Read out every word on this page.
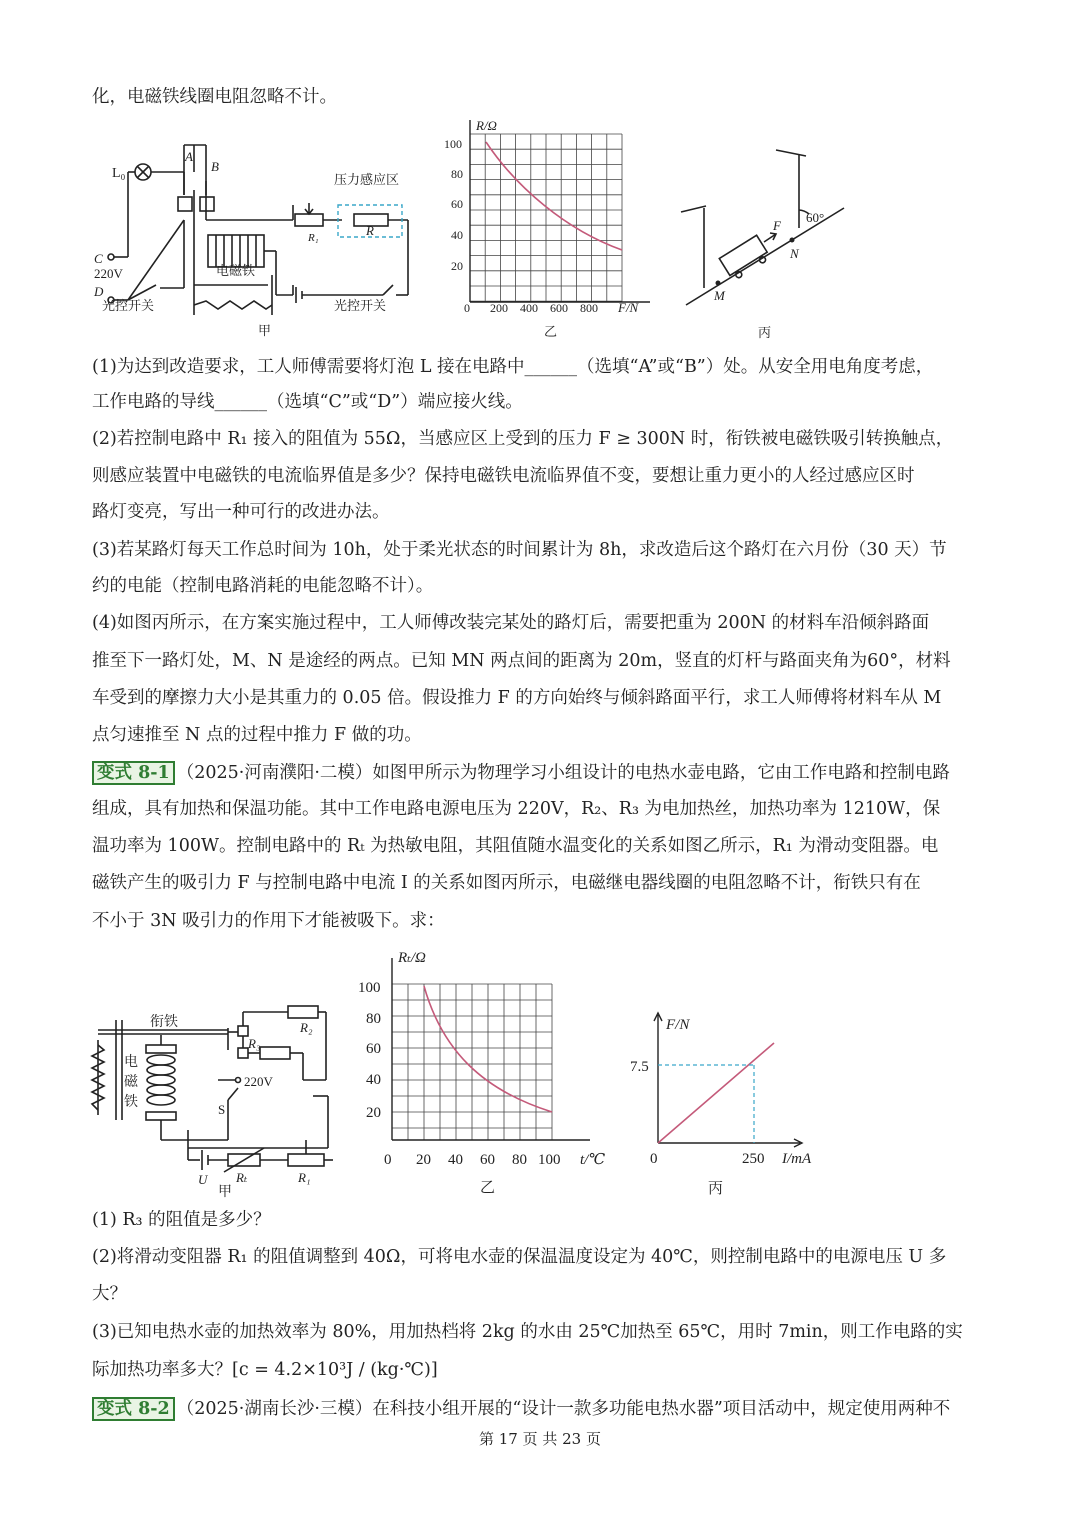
化，电磁铁线圈电阻忽略不计。
L₀
A
B
C
220V
D
电磁铁
光控开关	光控开关
压力感应区
R₁	R
甲
R/Ω
F/N
100
80
60
40
20
0 200 400 600 800
乙
F
60°
M
N
丙
(1)为达到改造要求，工人师傅需要将灯泡 L 接在电路中______（选填“A”或“B”）处。从安全用电角度考虑，
工作电路的导线______（选填“C”或“D”）端应接火线。
(2)若控制电路中 R₁ 接入的阻值为 55Ω，当感应区上受到的压力 F ≥ 300N 时，衔铁被电磁铁吸引转换触点，
则感应装置中电磁铁的电流临界值是多少？保持电磁铁电流临界值不变，要想让重力更小的人经过感应区时
路灯变亮，写出一种可行的改进办法。
(3)若某路灯每天工作总时间为 10h，处于柔光状态的时间累计为 8h，求改造后这个路灯在六月份（30 天）节
约的电能（控制电路消耗的电能忽略不计）。
(4)如图丙所示，在方案实施过程中，工人师傅改装完某处的路灯后，需要把重为 200N 的材料车沿倾斜路面
推至下一路灯处，M、N 是途经的两点。已知 MN 两点间的距离为 20m，竖直的灯杆与路面夹角为60°，材料
车受到的摩擦力大小是其重力的 0.05 倍。假设推力 F 的方向始终与倾斜路面平行，求工人师傅将材料车从 M
点匀速推至 N 点的过程中推力 F 做的功。
变式 8-1 （2025·河南濮阳·二模）如图甲所示为物理学习小组设计的电热水壶电路，它由工作电路和控制电路
组成，具有加热和保温功能。其中工作电路电源电压为 220V，R₂、R₃ 为电加热丝，加热功率为 1210W，保
温功率为 100W。控制电路中的 Rₜ 为热敏电阻，其阻值随水温变化的关系如图乙所示，R₁ 为滑动变阻器。电
磁铁产生的吸引力 F 与控制电路中电流 I 的关系如图丙所示，电磁继电器线圈的电阻忽略不计，衔铁只有在
不小于 3N 吸引力的作用下才能被吸下。求：
衔铁	R₂
R₃
220V
电
磁
铁	S
U Rₜ	R₁
甲
Rₜ/Ω
t/℃
100
80
60
40
20
0 20 40 60 80 100
乙
F/N
I/mA
0
7.5
250
丙
(1) R₃ 的阻值是多少？
(2)将滑动变阻器 R₁ 的阻值调整到 40Ω，可将电水壶的保温温度设定为 40℃，则控制电路中的电源电压 U 多
大？
(3)已知电热水壶的加热效率为 80%，用加热档将 2kg 的水由 25℃加热至 65℃，用时 7min，则工作电路的实
际加热功率多大？[c = 4.2×10³J / (kg·℃)]
变式 8-2 （2025·湖南长沙·三模）在科技小组开展的“设计一款多功能电热水器”项目活动中，规定使用两种不
第 17 页 共 23 页
